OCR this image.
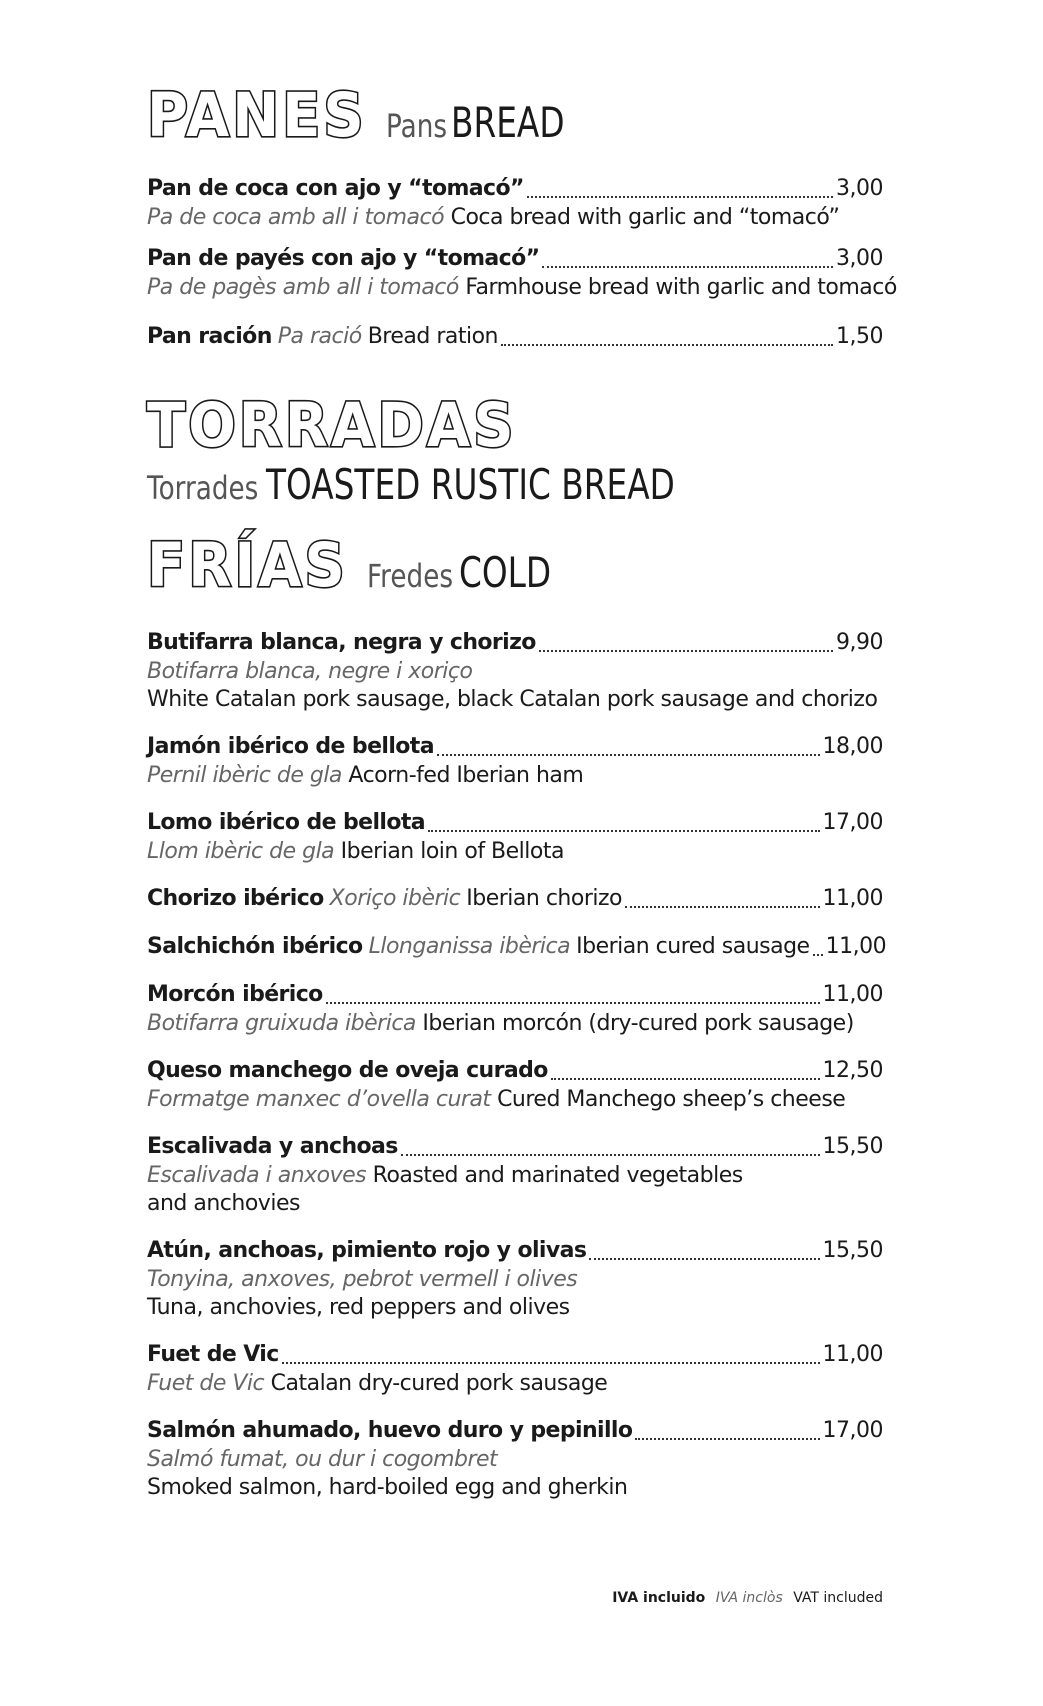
PANES Pans BREAD
Pan de coca con ajo y “tomacó”	3,00
Pa de coca amb all i tomacó Coca bread with garlic and “tomacó”
Pan de payés con ajo y “tomacó”	3,00
Pa de pagès amb all i tomacó Farmhouse bread with garlic and tomacó
Pan ración Pa ració Bread ration	1,50
TORRADAS
Torrades TOASTED RUSTIC BREAD
FRÍAS Fredes COLD
Butifarra blanca, negra y chorizo	9,90
Botifarra blanca, negre i xoriço
White Catalan pork sausage, black Catalan pork sausage and chorizo
Jamón ibérico de bellota	18,00
Pernil ibèric de gla Acorn-fed Iberian ham
Lomo ibérico de bellota	17,00
Llom ibèric de gla Iberian loin of Bellota
Chorizo ibérico Xoriço ibèric Iberian chorizo	11,00
Salchichón ibérico Llonganissa ibèrica Iberian cured sausage 11,00
Morcón ibérico	11,00
Botifarra gruixuda ibèrica Iberian morcón (dry-cured pork sausage)
Queso manchego de oveja curado	12,50
Formatge manxec d’ovella curat Cured Manchego sheep’s cheese
Escalivada y anchoas	15,50
Escalivada i anxoves Roasted and marinated vegetables
and anchovies
Atún, anchoas, pimiento rojo y olivas	15,50
Tonyina, anxoves, pebrot vermell i olives
Tuna, anchovies, red peppers and olives
Fuet de Vic	11,00
Fuet de Vic Catalan dry-cured pork sausage
Salmón ahumado, huevo duro y pepinillo	17,00
Salmó fumat, ou dur i cogombret
Smoked salmon, hard-boiled egg and gherkin
IVA incluido IVA inclòs VAT included
